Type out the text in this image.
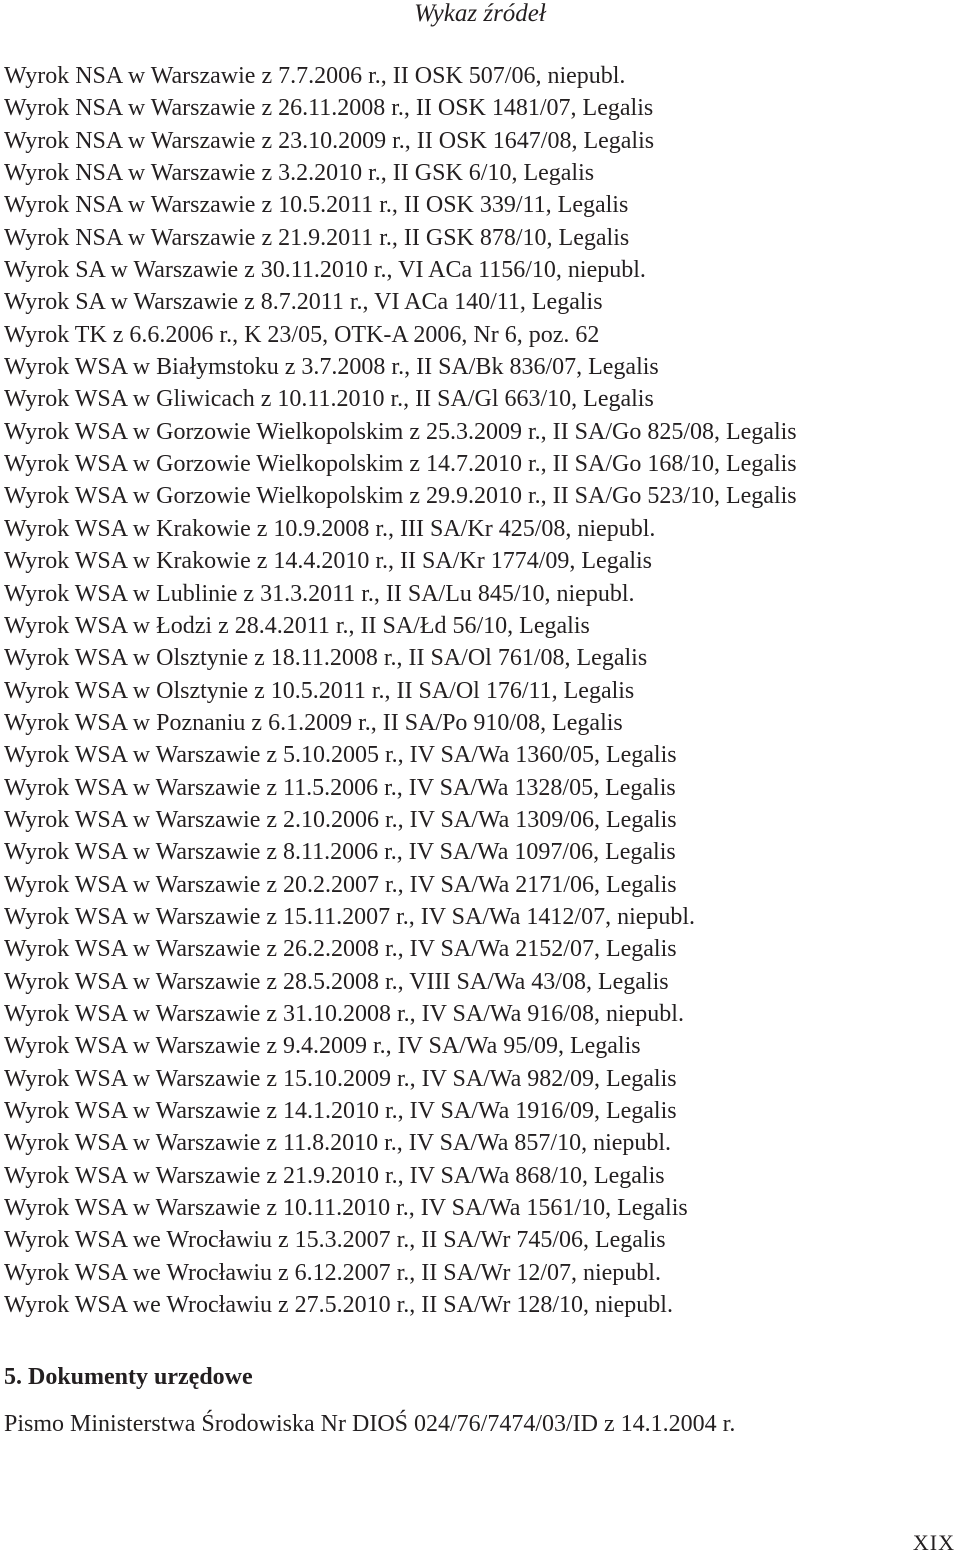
Wykaz źródeł
Wyrok NSA w Warszawie z 7.7.2006 r., II OSK 507/06, niepubl.
Wyrok NSA w Warszawie z 26.11.2008 r., II OSK 1481/07, Legalis
Wyrok NSA w Warszawie z 23.10.2009 r., II OSK 1647/08, Legalis
Wyrok NSA w Warszawie z 3.2.2010 r., II GSK 6/10, Legalis
Wyrok NSA w Warszawie z 10.5.2011 r., II OSK 339/11, Legalis
Wyrok NSA w Warszawie z 21.9.2011 r., II GSK 878/10, Legalis
Wyrok SA w Warszawie z 30.11.2010 r., VI ACa 1156/10, niepubl.
Wyrok SA w Warszawie z 8.7.2011 r., VI ACa 140/11, Legalis
Wyrok TK z 6.6.2006 r., K 23/05, OTK-A 2006, Nr 6, poz. 62
Wyrok WSA w Białymstoku z 3.7.2008 r., II SA/Bk 836/07, Legalis
Wyrok WSA w Gliwicach z 10.11.2010 r., II SA/Gl 663/10, Legalis
Wyrok WSA w Gorzowie Wielkopolskim z 25.3.2009 r., II SA/Go 825/08, Legalis
Wyrok WSA w Gorzowie Wielkopolskim z 14.7.2010 r., II SA/Go 168/10, Legalis
Wyrok WSA w Gorzowie Wielkopolskim z 29.9.2010 r., II SA/Go 523/10, Legalis
Wyrok WSA w Krakowie z 10.9.2008 r., III SA/Kr 425/08, niepubl.
Wyrok WSA w Krakowie z 14.4.2010 r., II SA/Kr 1774/09, Legalis
Wyrok WSA w Lublinie z 31.3.2011 r., II SA/Lu 845/10, niepubl.
Wyrok WSA w Łodzi z 28.4.2011 r., II SA/Łd 56/10, Legalis
Wyrok WSA w Olsztynie z 18.11.2008 r., II SA/Ol 761/08, Legalis
Wyrok WSA w Olsztynie z 10.5.2011 r., II SA/Ol 176/11, Legalis
Wyrok WSA w Poznaniu z 6.1.2009 r., II SA/Po 910/08, Legalis
Wyrok WSA w Warszawie z 5.10.2005 r., IV SA/Wa 1360/05, Legalis
Wyrok WSA w Warszawie z 11.5.2006 r., IV SA/Wa 1328/05, Legalis
Wyrok WSA w Warszawie z 2.10.2006 r., IV SA/Wa 1309/06, Legalis
Wyrok WSA w Warszawie z 8.11.2006 r., IV SA/Wa 1097/06, Legalis
Wyrok WSA w Warszawie z 20.2.2007 r., IV SA/Wa 2171/06, Legalis
Wyrok WSA w Warszawie z 15.11.2007 r., IV SA/Wa 1412/07, niepubl.
Wyrok WSA w Warszawie z 26.2.2008 r., IV SA/Wa 2152/07, Legalis
Wyrok WSA w Warszawie z 28.5.2008 r., VIII SA/Wa 43/08, Legalis
Wyrok WSA w Warszawie z 31.10.2008 r., IV SA/Wa 916/08, niepubl.
Wyrok WSA w Warszawie z 9.4.2009 r., IV SA/Wa 95/09, Legalis
Wyrok WSA w Warszawie z 15.10.2009 r., IV SA/Wa 982/09, Legalis
Wyrok WSA w Warszawie z 14.1.2010 r., IV SA/Wa 1916/09, Legalis
Wyrok WSA w Warszawie z 11.8.2010 r., IV SA/Wa 857/10, niepubl.
Wyrok WSA w Warszawie z 21.9.2010 r., IV SA/Wa 868/10, Legalis
Wyrok WSA w Warszawie z 10.11.2010 r., IV SA/Wa 1561/10, Legalis
Wyrok WSA we Wrocławiu z 15.3.2007 r., II SA/Wr 745/06, Legalis
Wyrok WSA we Wrocławiu z 6.12.2007 r., II SA/Wr 12/07, niepubl.
Wyrok WSA we Wrocławiu z 27.5.2010 r., II SA/Wr 128/10, niepubl.
5. Dokumenty urzędowe
Pismo Ministerstwa Środowiska Nr DIOŚ 024/76/7474/03/ID z 14.1.2004 r.
XIX
